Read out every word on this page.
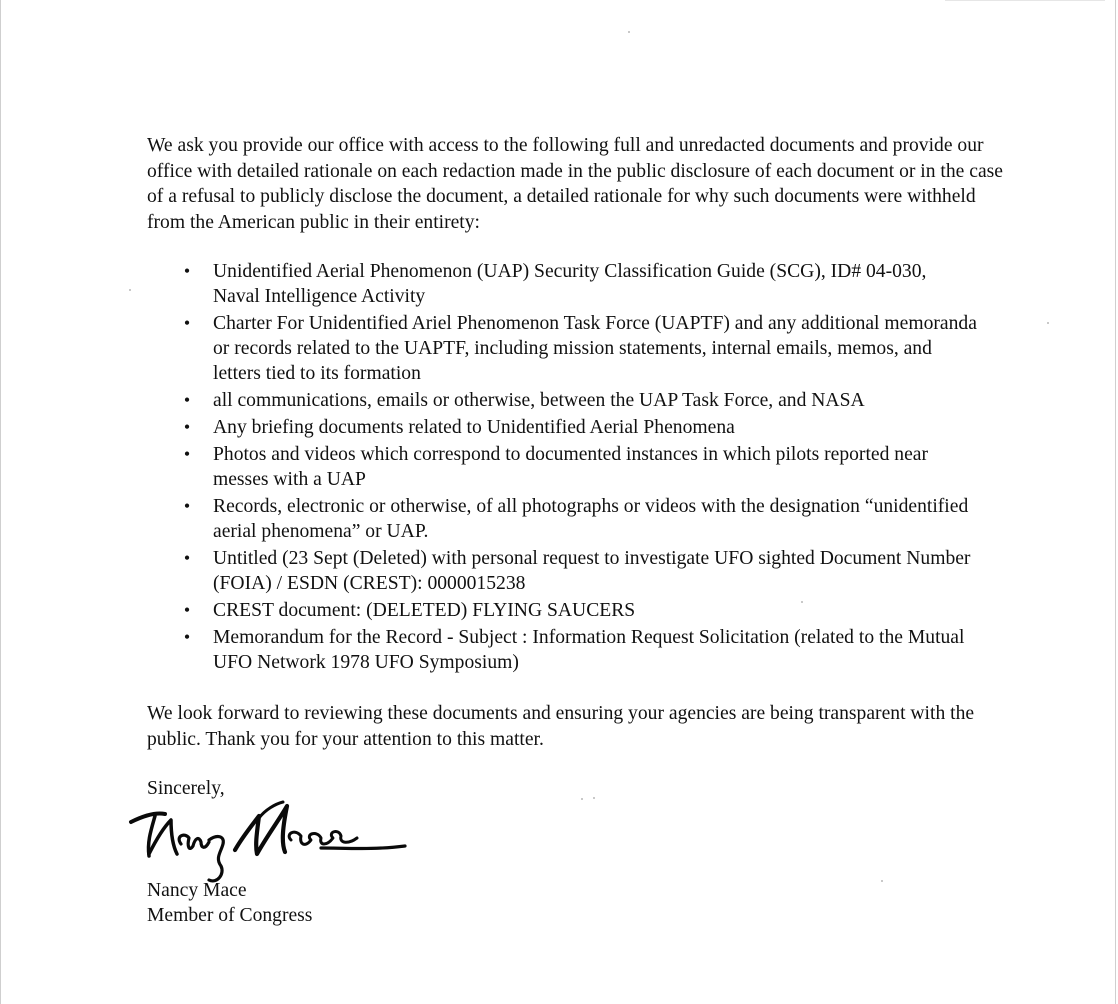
We ask you provide our office with access to the following full and unredacted documents and provide our office with detailed rationale on each redaction made in the public disclosure of each document or in the case of a refusal to publicly disclose the document, a detailed rationale for why such documents were withheld from the American public in their entirety:

• Unidentified Aerial Phenomenon (UAP) Security Classification Guide (SCG), ID# 04-030, Naval Intelligence Activity
• Charter For Unidentified Ariel Phenomenon Task Force (UAPTF) and any additional memoranda or records related to the UAPTF, including mission statements, internal emails, memos, and letters tied to its formation
• all communications, emails or otherwise, between the UAP Task Force, and NASA
• Any briefing documents related to Unidentified Aerial Phenomena
• Photos and videos which correspond to documented instances in which pilots reported near messes with a UAP
• Records, electronic or otherwise, of all photographs or videos with the designation “unidentified aerial phenomena” or UAP.
• Untitled (23 Sept (Deleted) with personal request to investigate UFO sighted Document Number (FOIA) / ESDN (CREST): 0000015238
• CREST document: (DELETED) FLYING SAUCERS
• Memorandum for the Record - Subject : Information Request Solicitation (related to the Mutual UFO Network 1978 UFO Symposium)

We look forward to reviewing these documents and ensuring your agencies are being transparent with the public. Thank you for your attention to this matter.

Sincerely,
Nancy Mace
Member of Congress
